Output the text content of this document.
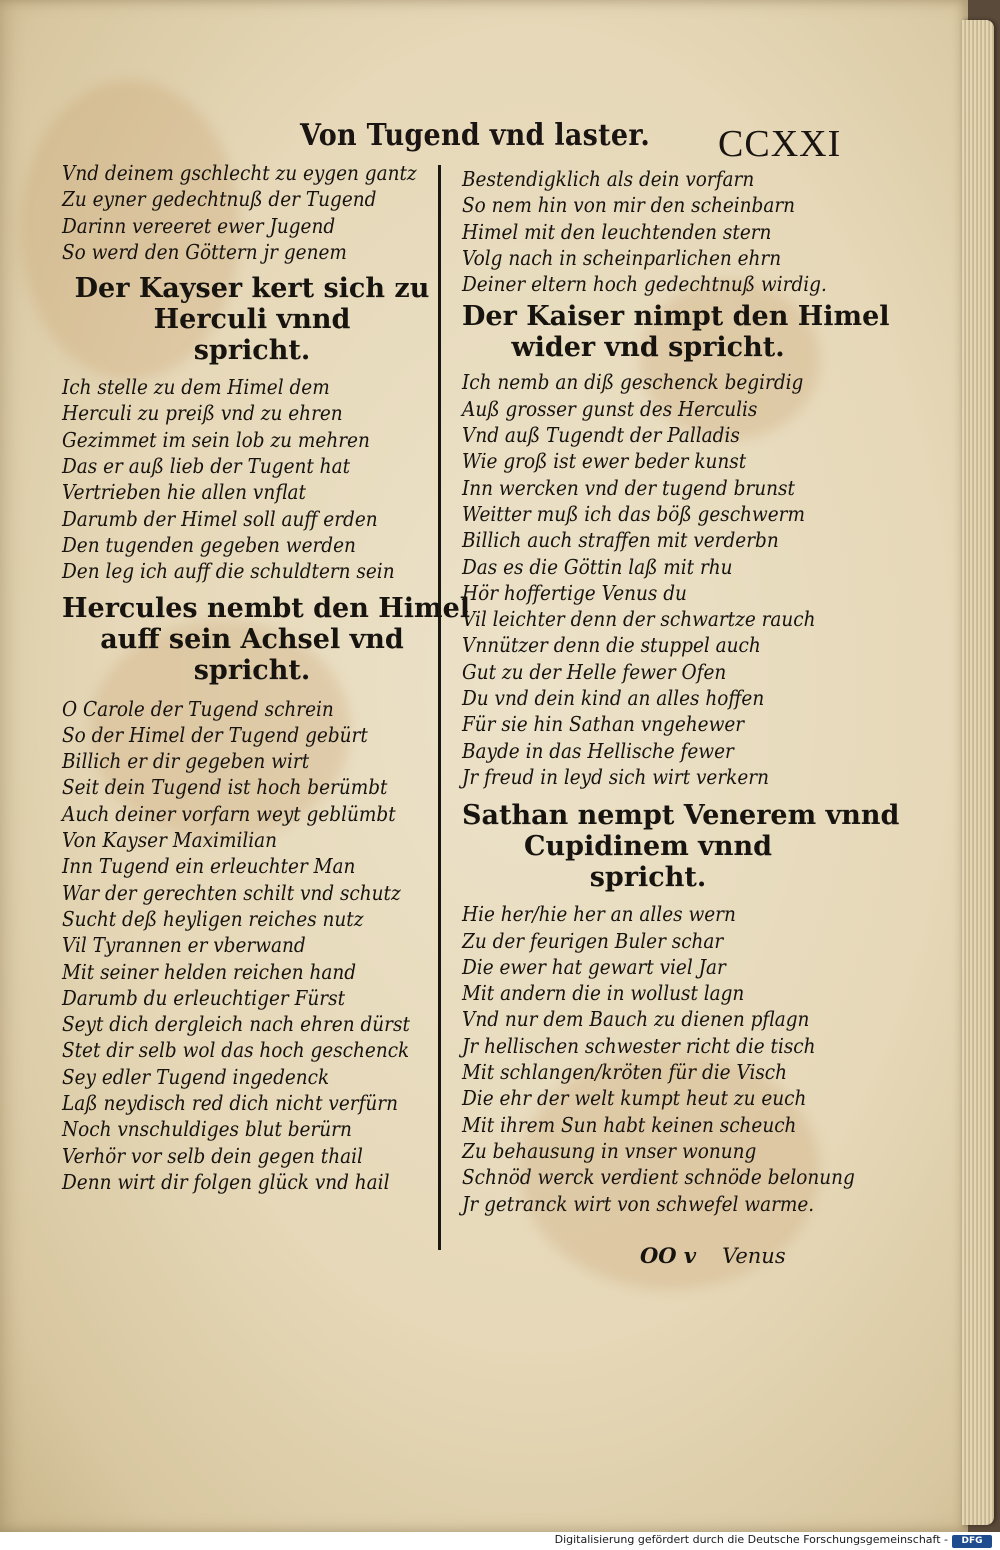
Von Tugend vnd laster. CCXXI
Vnd deinem gschlecht zu eygen gantz
Zu eyner gedechtnuß der Tugend
Darinn vereeret ewer Jugend
So werd den Göttern jr genem
Der Kayser kert sich zu
Herculi vnnd
spricht.
Ich stelle zu dem Himel dem
Herculi zu preiß vnd zu ehren
Gezimmet im sein lob zu mehren
Das er auß lieb der Tugent hat
Vertrieben hie allen vnflat
Darumb der Himel soll auff erden
Den tugenden gegeben werden
Den leg ich auff die schuldtern sein
Hercules nembt den Himel
auff sein Achsel vnd
spricht.
O Carole der Tugend schrein
So der Himel der Tugend gebürt
Billich er dir gegeben wirt
Seit dein Tugend ist hoch berümbt
Auch deiner vorfarn weyt geblümbt
Von Kayser Maximilian
Inn Tugend ein erleuchter Man
War der gerechten schilt vnd schutz
Sucht deß heyligen reiches nutz
Vil Tyrannen er vberwand
Mit seiner helden reichen hand
Darumb du erleuchtiger Fürst
Seyt dich dergleich nach ehren dürst
Stet dir selb wol das hoch geschenck
Sey edler Tugend ingedenck
Laß neydisch red dich nicht verfürn
Noch vnschuldiges blut berürn
Verhör vor selb dein gegen thail
Denn wirt dir folgen glück vnd hail
Bestendigklich als dein vorfarn
So nem hin von mir den scheinbarn
Himel mit den leuchtenden stern
Volg nach in scheinparlichen ehrn
Deiner eltern hoch gedechtnuß wirdig.
Der Kaiser nimpt den Himel
wider vnd spricht.
Ich nemb an diß geschenck begirdig
Auß grosser gunst des Herculis
Vnd auß Tugendt der Palladis
Wie groß ist ewer beder kunst
Inn wercken vnd der tugend brunst
Weitter muß ich das böß geschwerm
Billich auch straffen mit verderbn
Das es die Göttin laß mit rhu
Hör hoffertige Venus du
Vil leichter denn der schwartze rauch
Vnnützer denn die stuppel auch
Gut zu der Helle fewer Ofen
Du vnd dein kind an alles hoffen
Für sie hin Sathan vngehewer
Bayde in das Hellische fewer
Jr freud in leyd sich wirt verkern
Sathan nempt Venerem vnnd
Cupidinem vnnd
spricht.
Hie her/hie her an alles wern
Zu der feurigen Buler schar
Die ewer hat gewart viel Jar
Mit andern die in wollust lagn
Vnd nur dem Bauch zu dienen pflagn
Jr hellischen schwester richt die tisch
Mit schlangen/kröten für die Visch
Die ehr der welt kumpt heut zu euch
Mit ihrem Sun habt keinen scheuch
Zu behausung in vnser wonung
Schnöd werck verdient schnöde belonung
Jr getranck wirt von schwefel warme.
OO v Venus
Digitalisierung gefördert durch die Deutsche Forschungsgemeinschaft -	DFG
